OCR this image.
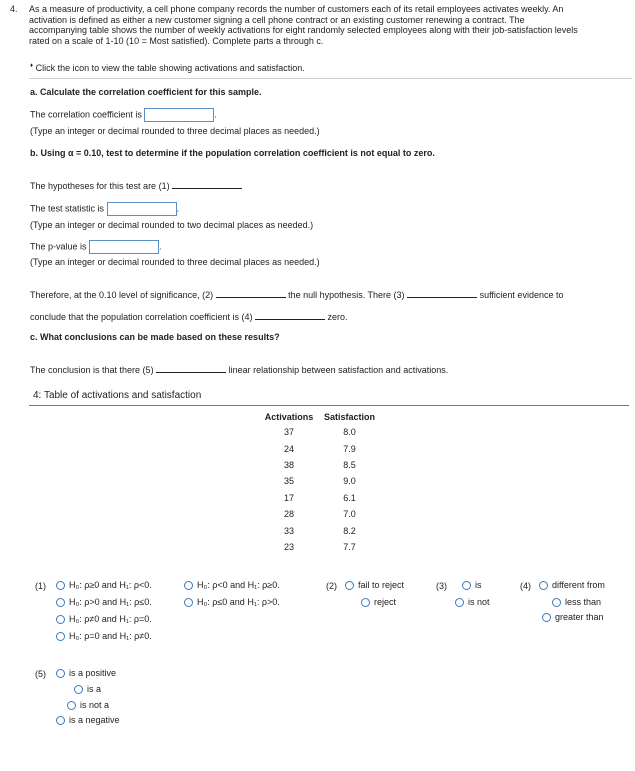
4. As a measure of productivity, a cell phone company records the number of customers each of its retail employees activates weekly. An
activation is defined as either a new customer signing a cell phone contract or an existing customer renewing a contract. The
accompanying table shows the number of weekly activations for eight randomly selected employees along with their job-satisfaction levels
rated on a scale of 1-10 (10 = Most satisfied). Complete parts a through c.
♦ Click the icon to view the table showing activations and satisfaction.
a. Calculate the correlation coefficient for this sample.
The correlation coefficient is	.
(Type an integer or decimal rounded to three decimal places as needed.)
b. Using α = 0.10, test to determine if the population correlation coefficient is not equal to zero.
The hypotheses for this test are (1)
The test statistic is	.
(Type an integer or decimal rounded to two decimal places as needed.)
The p-value is	.
(Type an integer or decimal rounded to three decimal places as needed.)
Therefore, at the 0.10 level of significance, (2)	the null hypothesis. There (3)	sufficient evidence to
conclude that the population correlation coefficient is (4)	zero.
c. What conclusions can be made based on these results?
The conclusion is that there (5)	linear relationship between satisfaction and activations.
4: Table of activations and satisfaction
Activations	Satisfaction
37	8.0
24	7.9
38	8.5
35	9.0
17	6.1
28	7.0
33	8.2
23	7.7
(1)	H₀: ρ≥0 and H₁: ρ<0.	H₀: ρ<0 and H₁: ρ≥0.
H₀: ρ>0 and H₁: ρ≤0.	H₀: ρ≤0 and H₁: ρ>0.
H₀: ρ≠0 and H₁: ρ=0.
H₀: ρ=0 and H₁: ρ≠0.
(2) fail to reject
reject
(3)	is
is not
(4) different from
less than
greater than
(5)	is a positive
is a
is not a
is a negative
